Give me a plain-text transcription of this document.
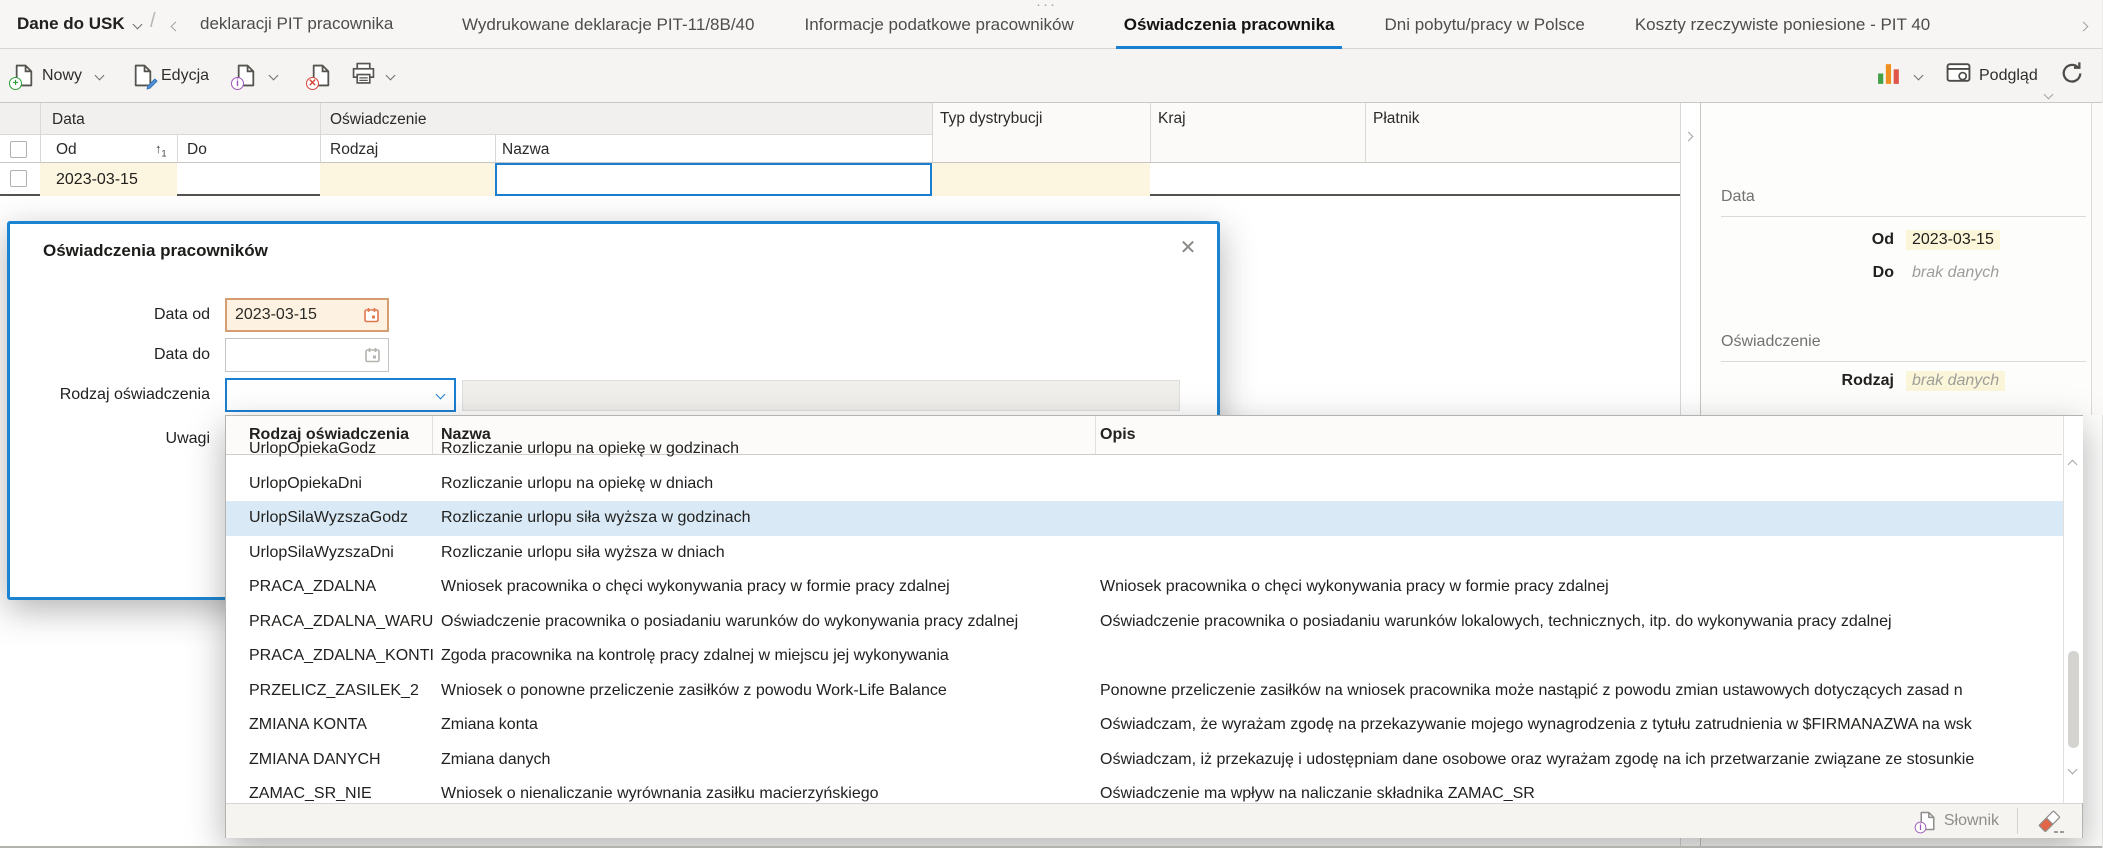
Dane do USK /	deklaracji PIT pracownika	Wydrukowane deklaracje PIT-11/8B/40	Informacje podatkowe pracowników	Oświadczenia pracownika	Dni pobytu/pracy w Polsce	Koszty rzeczywiste poniesione - PIT 40
···
+ Nowy	Edycja	i	✕	Podgląd
Data	Oświadczenie	Typ dystrybucji	Kraj	Płatnik
Od	$↑_1$ Do	Rodzaj	Nazwa
2023-03-15
Data
Od	2023-03-15
Do	brak danych
Oświadczenie
Rodzaj	brak danych
Oświadczenia pracowników	✕
Data od 2023-03-15
Data do
Rodzaj oświadczenia
Uwagi	Rodzaj oświadczenia	Nazwa	Opis
UrlopOpiekaGodz	Rozliczanie urlopu na opiekę w godzinach
UrlopOpiekaDni	Rozliczanie urlopu na opiekę w dniach
UrlopSilaWyzszaGodz	Rozliczanie urlopu siła wyższa w godzinach
UrlopSilaWyzszaDni	Rozliczanie urlopu siła wyższa w dniach
PRACA_ZDALNA	Wniosek pracownika o chęci wykonywania pracy w formie pracy zdalnej	Wniosek pracownika o chęci wykonywania pracy w formie pracy zdalnej
PRACA_ZDALNA_WARU Oświadczenie pracownika o posiadaniu warunków do wykonywania pracy zdalnej	Oświadczenie pracownika o posiadaniu warunków lokalowych, technicznych, itp. do wykonywania pracy zdalnej
PRACA_ZDALNA_KONTI Zgoda pracownika na kontrolę pracy zdalnej w miejscu jej wykonywania
PRZELICZ_ZASILEK_2	Wniosek o ponowne przeliczenie zasiłków z powodu Work-Life Balance	Ponowne przeliczenie zasiłków na wniosek pracownika może nastąpić z powodu zmian ustawowych dotyczących zasad n
ZMIANA KONTA	Zmiana konta	Oświadczam, że wyrażam zgodę na przekazywanie mojego wynagrodzenia z tytułu zatrudnienia w $FIRMANAZWA na wsk
ZMIANA DANYCH	Zmiana danych	Oświadczam, iż przekazuję i udostępniam dane osobowe oraz wyrażam zgodę na ich przetwarzanie związane ze stosunkie
ZAMAC_SR_NIE	Wniosek o nienaliczanie wyrównania zasiłku macierzyńskiego	Oświadczenie ma wpływ na naliczanie składnika ZAMAC_SR
i Słownik
